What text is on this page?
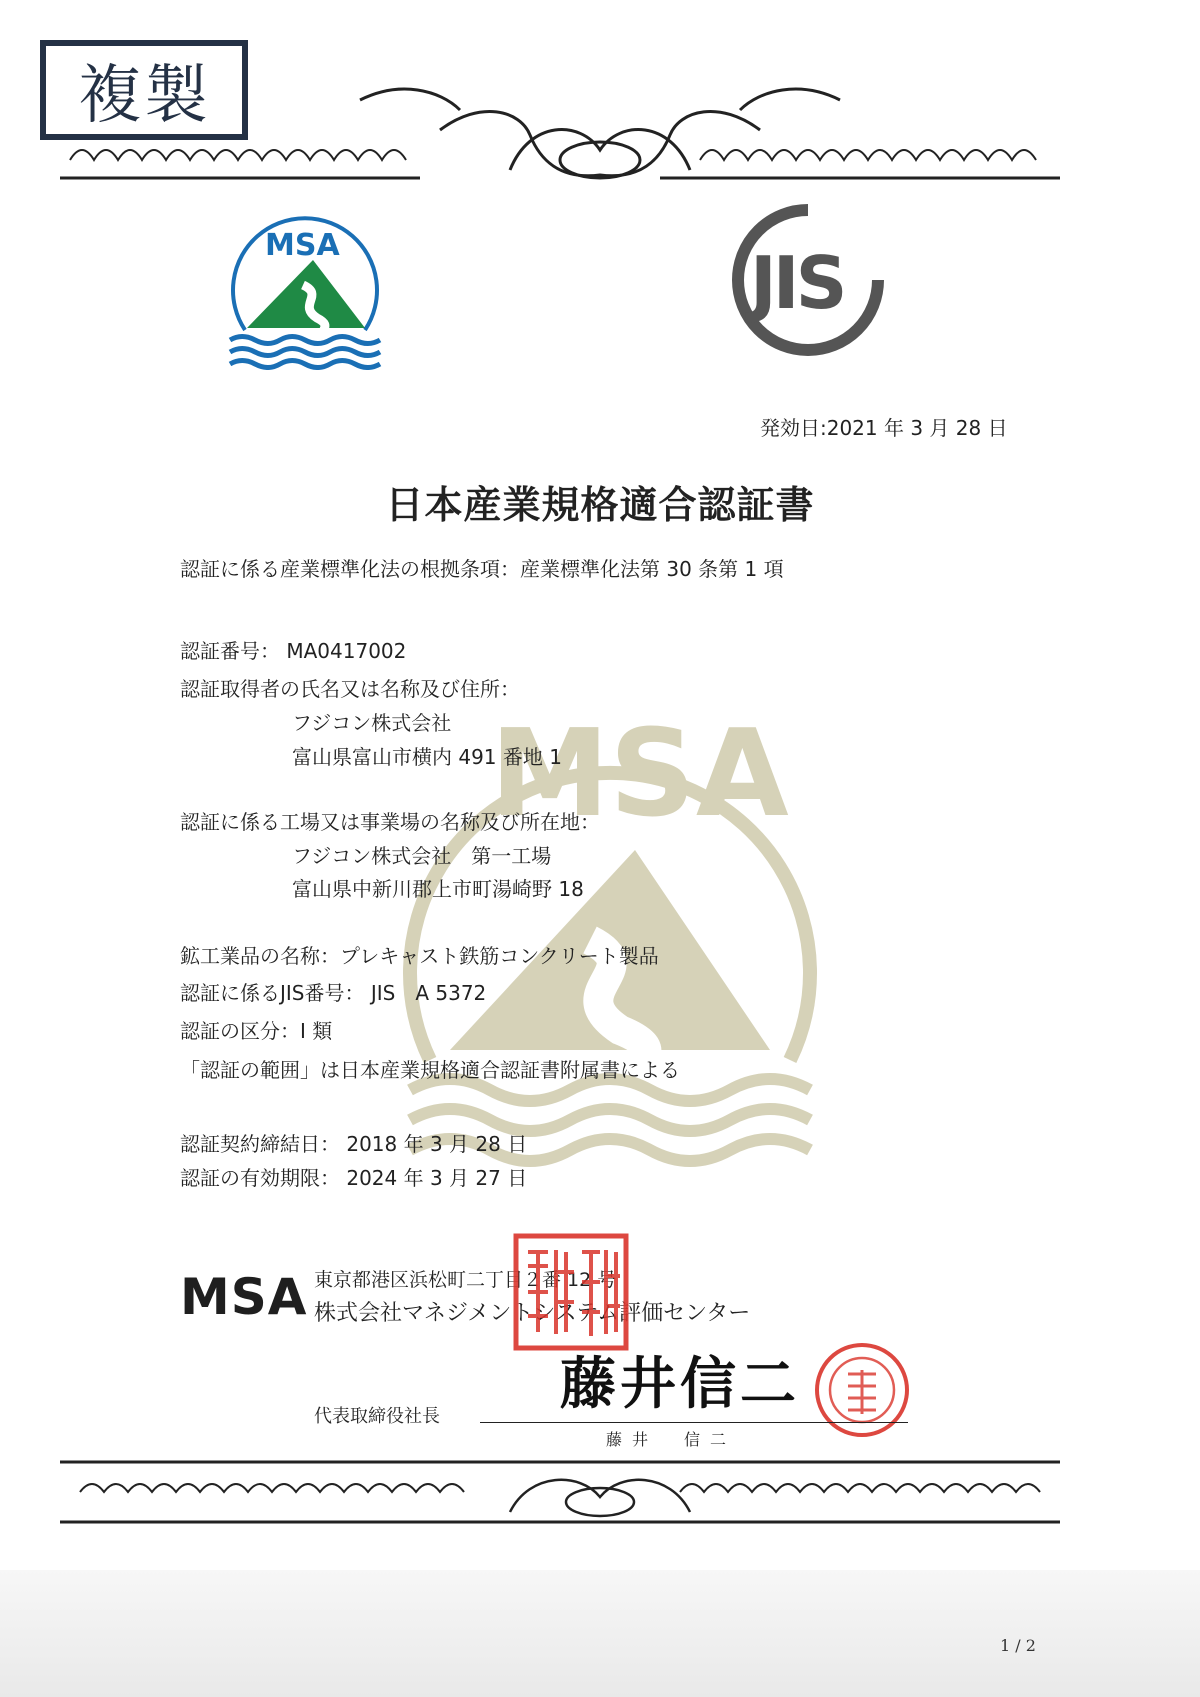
MSA
複製
MSA	JIS
発効日:2021 年 3 月 28 日
日本産業規格適合認証書
認証に係る産業標準化法の根拠条項：産業標準化法第 30 条第 1 項
認証番号： MA0417002
認証取得者の氏名又は名称及び住所：
フジコン株式会社
富山県富山市横内 491 番地 1
認証に係る工場又は事業場の名称及び所在地：
フジコン株式会社　第一工場
富山県中新川郡上市町湯崎野 18
鉱工業品の名称：プレキャスト鉄筋コンクリート製品
認証に係るJIS番号： JIS　A 5372
認証の区分：Ⅰ 類
「認証の範囲」は日本産業規格適合認証書附属書による
認証契約締結日： 2018 年 3 月 28 日
認証の有効期限： 2024 年 3 月 27 日
MSA 東京都港区浜松町二丁目２番 12 号
株式会社マネジメントシステム評価センター
藤井信二
代表取締役社長
藤井　信二
1 / 2
